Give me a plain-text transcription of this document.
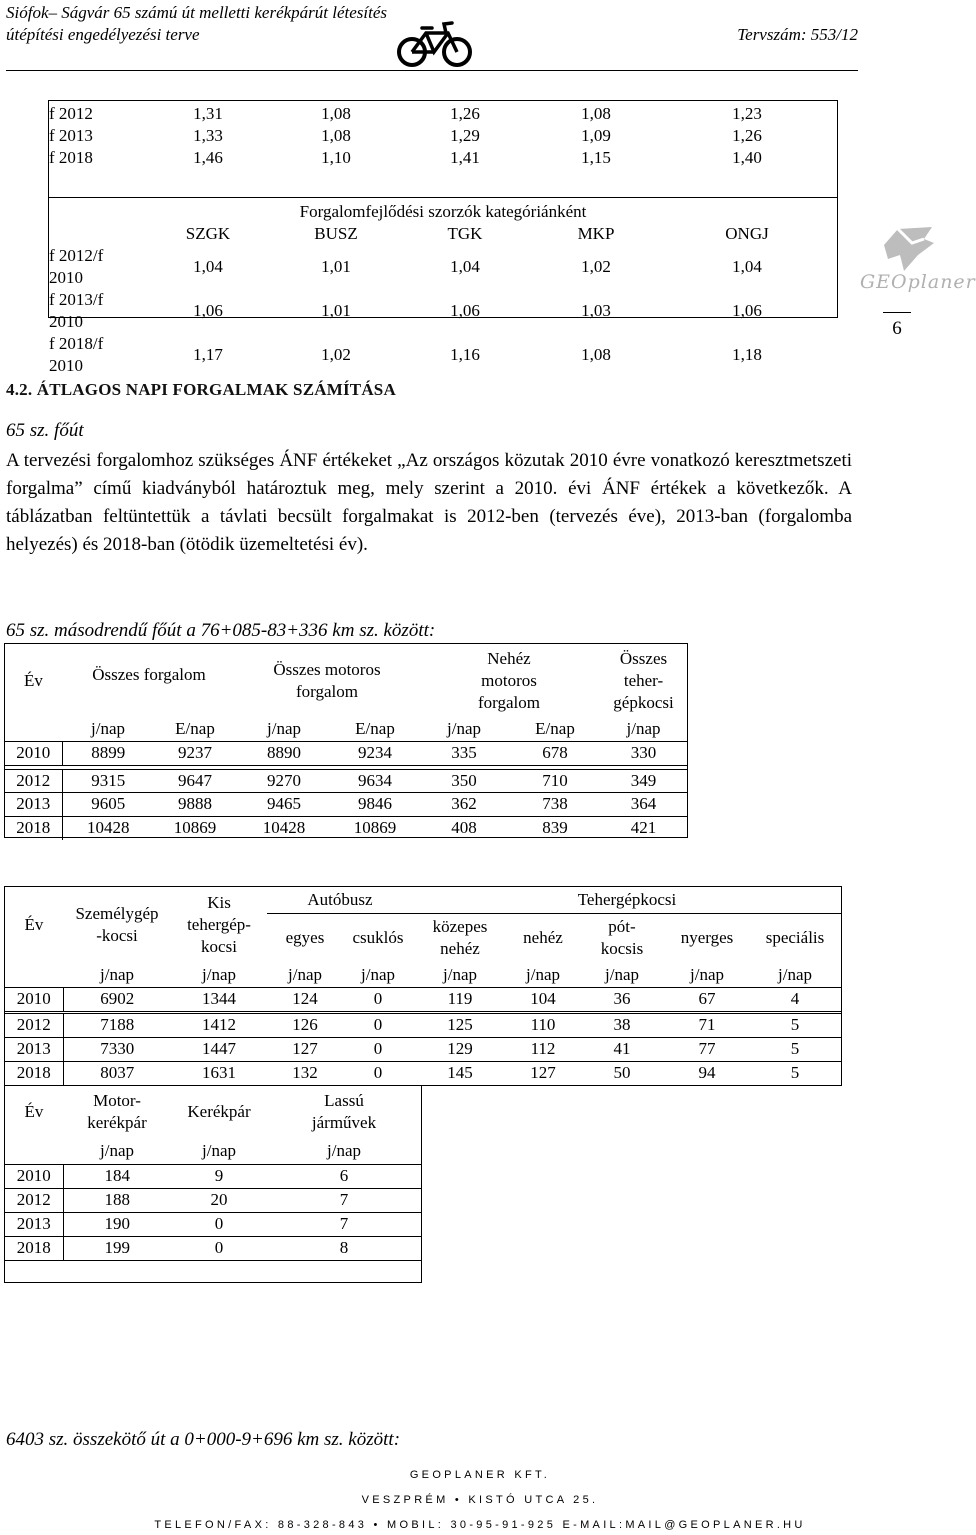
Siófok– Ságvár 65 számú út melletti kerékpárút létesítés
útépítési engedélyezési terve	Tervszám: 553/12
GEOplaner
6
f 2012	1,31	1,08	1,26	1,08	1,23
f 2013	1,33	1,08	1,29	1,09	1,26
f 2018	1,46	1,10	1,41	1,15	1,40
Forgalomfejlődési szorzók kategóriánként					
	SZGK	BUSZ	TGK	MKP	ONGJ
f 2012/f 2010	1,04	1,01	1,04	1,02	1,04
f 2013/f 2010	1,06	1,01	1,06	1,03	1,06
f 2018/f 2010	1,17	1,02	1,16	1,08	1,18
4.2. ÁTLAGOS NAPI FORGALMAK SZÁMÍTÁSA
65 sz. főút
A tervezési forgalomhoz szükséges ÁNF értékeket „Az országos közutak 2010 évre vonatkozó keresztmetszeti forgalma” című kiadványból határoztuk meg, mely szerint a 2010. évi ÁNF értékek a következők. A táblázatban feltüntettük a távlati becsült forgalmakat is 2012-ben (tervezés éve), 2013-ban (forgalomba helyezés) és 2018-ban (ötödik üzemeltetési év).
65 sz. másodrendű főút a 76+085-83+336 km sz. között:
Év	Összes forgalom		Összes motoros forgalom		Nehéz motoros forgalom		Összes teher-gépkocsi
	j/nap	E/nap	j/nap	E/nap	j/nap	E/nap	j/nap
2010	8899	9237	8890	9234	335	678	330

2012	9315	9647	9270	9634	350	710	349
2013	9605	9888	9465	9846	362	738	364
2018	10428	10869	10428	10869	408	839	421
Év	Személygép -kocsi	Kis tehergép-kocsi	Autóbusz		Tehergépkocsi				
			egyes	csuklós	közepes nehéz	nehéz	pót-kocsis	nyerges	speciális
	j/nap	j/nap	j/nap	j/nap	j/nap	j/nap	j/nap	j/nap	j/nap
2010	6902	1344	124	0	119	104	36	67	4

2012	7188	1412	126	0	125	110	38	71	5
2013	7330	1447	127	0	129	112	41	77	5
2018	8037	1631	132	0	145	127	50	94	5
Év	Motor-kerékpár	Kerékpár	Lassú járművek
	j/nap	j/nap	j/nap
2010	184	9	6
2012	188	20	7
2013	190	0	7
2018	199	0	8
6403 sz. összekötő út a 0+000-9+696 km sz. között:
GEOPLANER KFT.
VESZPRÉM • KISTÓ UTCA 25.
TELEFON/FAX: 88-328-843 • MOBIL: 30-95-91-925 E-MAIL:MAIL@GEOPLANER.HU
